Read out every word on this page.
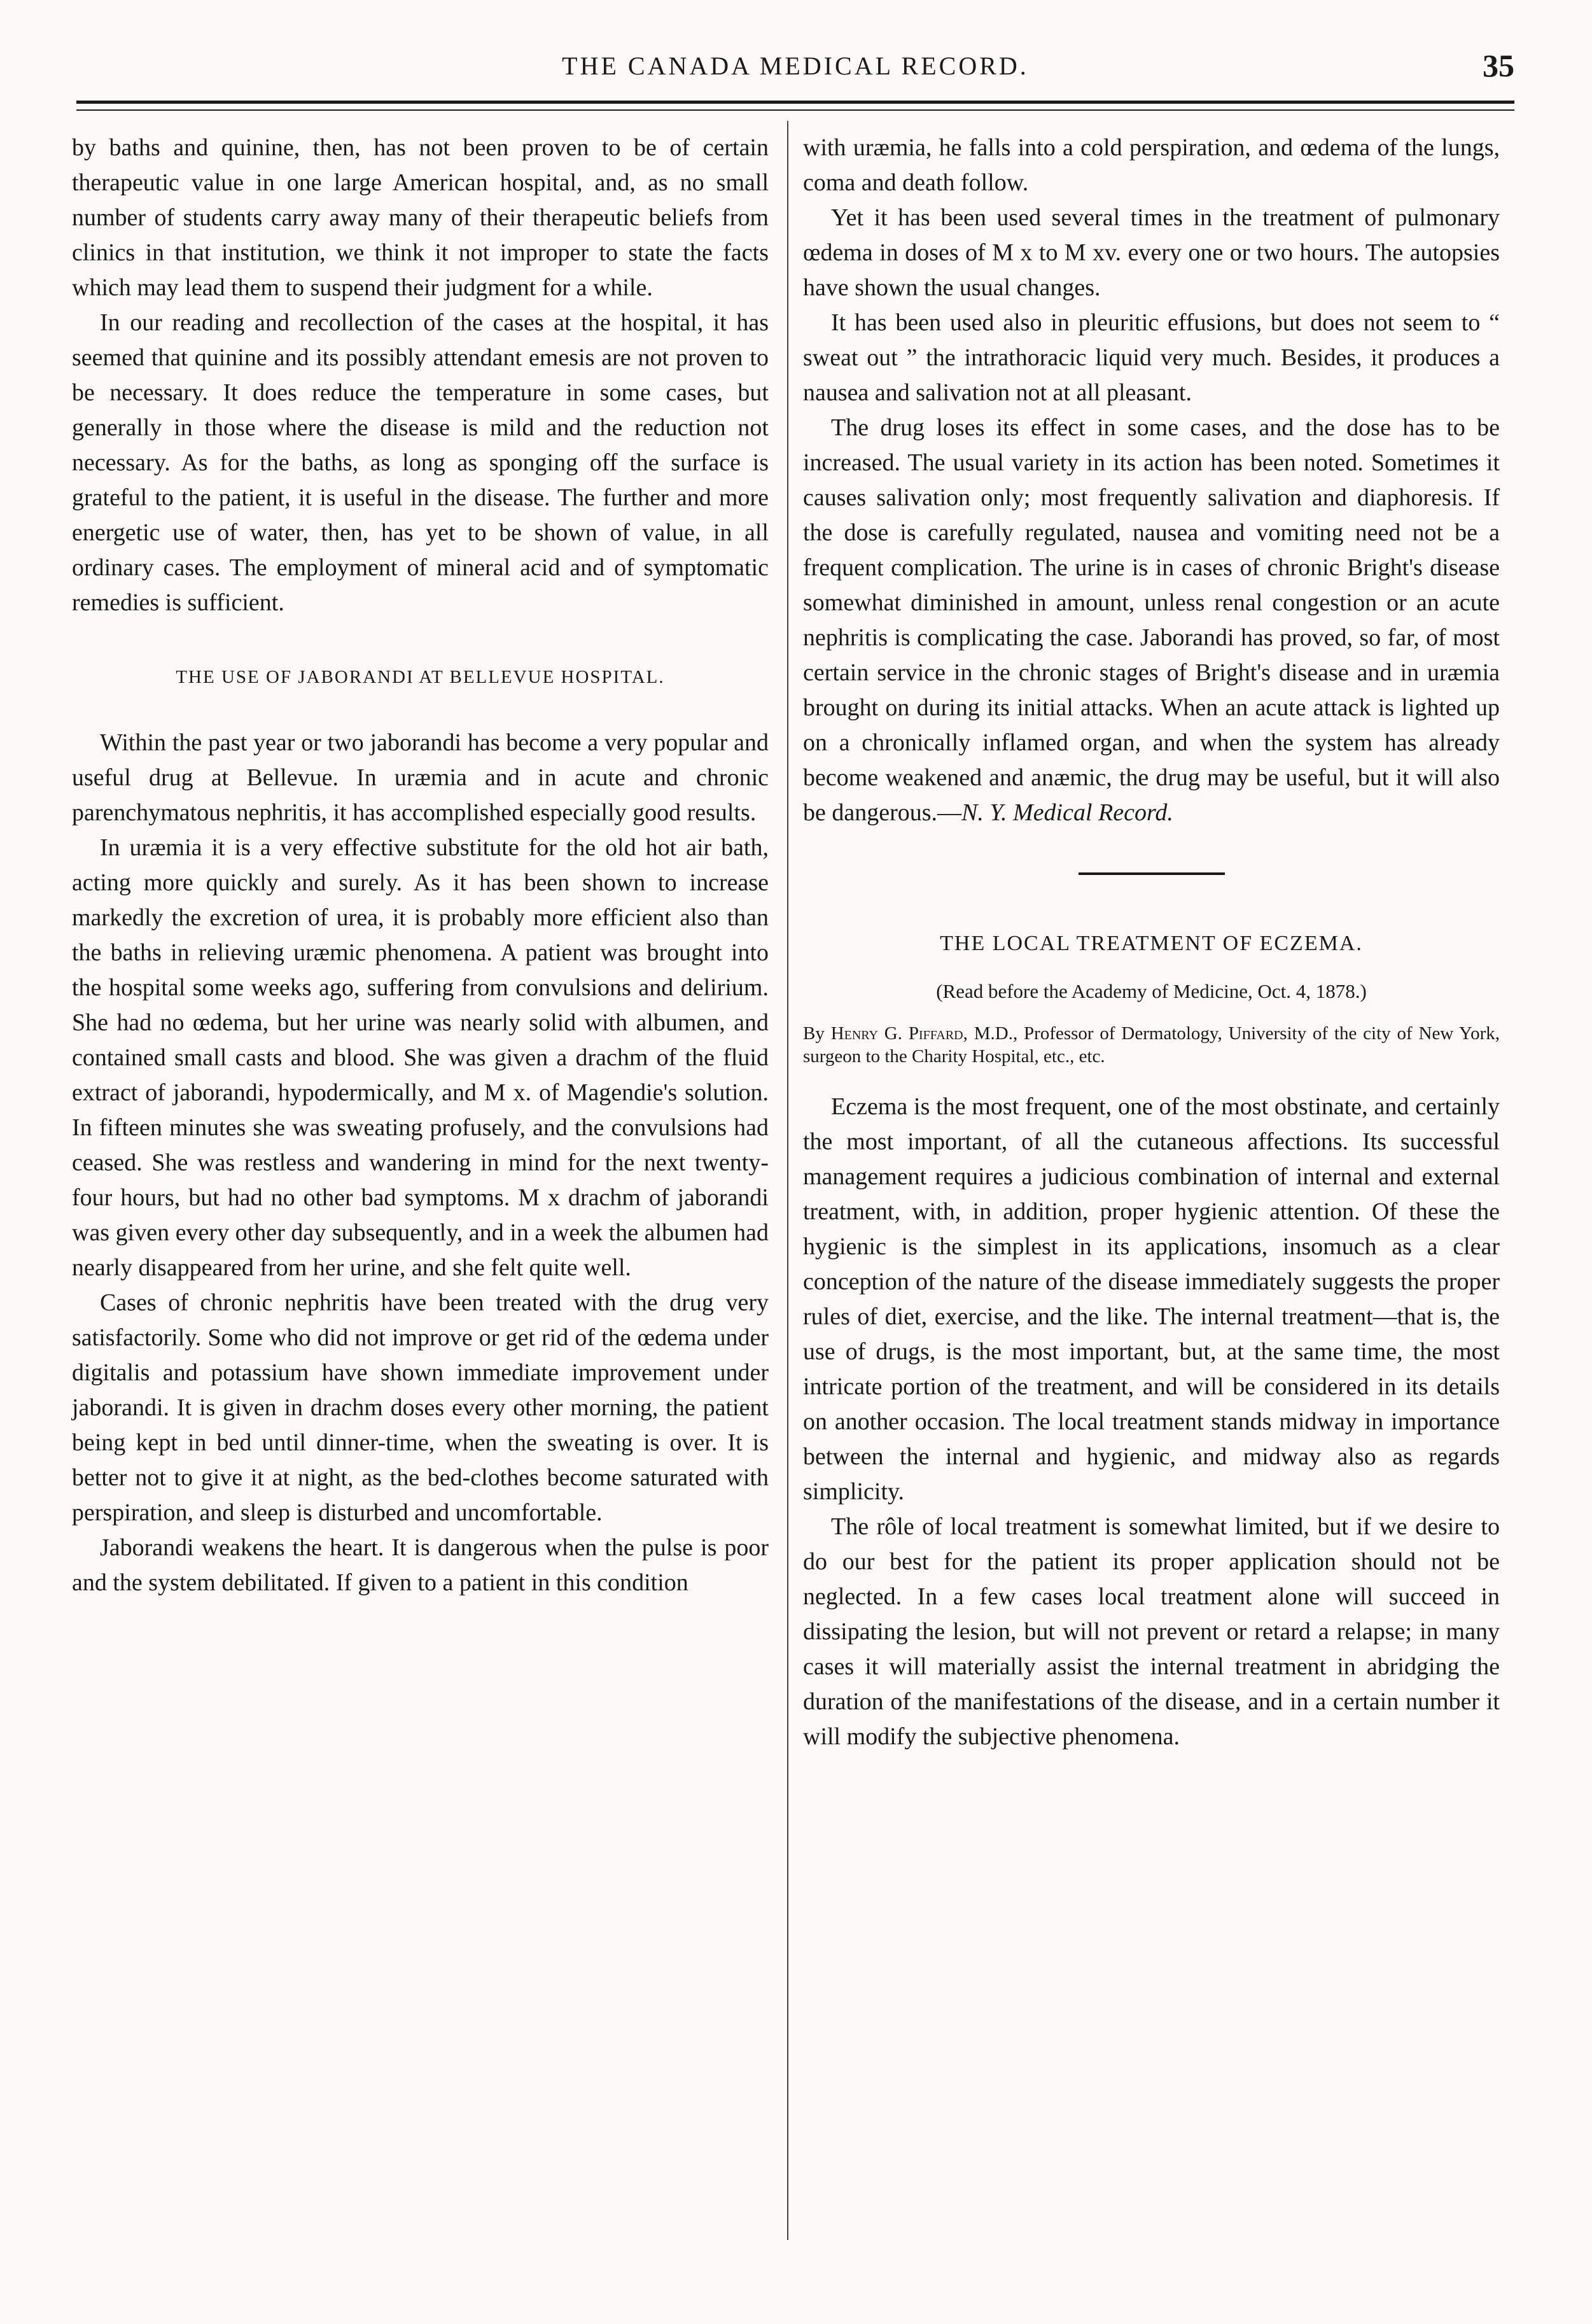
THE CANADA MEDICAL RECORD.	35

by baths and quinine, then, has not been proven to be of certain therapeutic value in one large American hospital, and, as no small number of students carry away many of their therapeutic beliefs from clinics in that institution, we think it not improper to state the facts which may lead them to suspend their judgment for a while.

In our reading and recollection of the cases at the hospital, it has seemed that quinine and its possibly attendant emesis are not proven to be necessary. It does reduce the temperature in some cases, but generally in those where the disease is mild and the reduction not necessary. As for the baths, as long as sponging off the surface is grateful to the patient, it is useful in the disease. The further and more energetic use of water, then, has yet to be shown of value, in all ordinary cases. The employment of mineral acid and of symptomatic remedies is sufficient.

THE USE OF JABORANDI AT BELLEVUE HOSPITAL.

Within the past year or two jaborandi has become a very popular and useful drug at Bellevue. In uræmia and in acute and chronic parenchymatous nephritis, it has accomplished especially good results.

In uræmia it is a very effective substitute for the old hot air bath, acting more quickly and surely. As it has been shown to increase markedly the excretion of urea, it is probably more efficient also than the baths in relieving uræmic phenomena. A patient was brought into the hospital some weeks ago, suffering from convulsions and delirium. She had no œdema, but her urine was nearly solid with albumen, and contained small casts and blood. She was given a drachm of the fluid extract of jaborandi, hypodermically, and M x. of Magendie's solution. In fifteen minutes she was sweating profusely, and the convulsions had ceased. She was restless and wandering in mind for the next twenty-four hours, but had no other bad symptoms. M x drachm of jaborandi was given every other day subsequently, and in a week the albumen had nearly disappeared from her urine, and she felt quite well.

Cases of chronic nephritis have been treated with the drug very satisfactorily. Some who did not improve or get rid of the œdema under digitalis and potassium have shown immediate improvement under jaborandi. It is given in drachm doses every other morning, the patient being kept in bed until dinner-time, when the sweating is over. It is better not to give it at night, as the bed-clothes become saturated with perspiration, and sleep is disturbed and uncomfortable.

Jaborandi weakens the heart. It is dangerous when the pulse is poor and the system debilitated. If given to a patient in this condition

with uræmia, he falls into a cold perspiration, and œdema of the lungs, coma and death follow.

Yet it has been used several times in the treatment of pulmonary œdema in doses of M x to M xv. every one or two hours. The autopsies have shown the usual changes.

It has been used also in pleuritic effusions, but does not seem to “ sweat out ” the intrathoracic liquid very much. Besides, it produces a nausea and salivation not at all pleasant.

The drug loses its effect in some cases, and the dose has to be increased. The usual variety in its action has been noted. Sometimes it causes salivation only; most frequently salivation and diaphoresis. If the dose is carefully regulated, nausea and vomiting need not be a frequent complication. The urine is in cases of chronic Bright's disease somewhat diminished in amount, unless renal congestion or an acute nephritis is complicating the case. Jaborandi has proved, so far, of most certain service in the chronic stages of Bright's disease and in uræmia brought on during its initial attacks. When an acute attack is lighted up on a chronically inflamed organ, and when the system has already become weakened and anæmic, the drug may be useful, but it will also be dangerous.—N. Y. Medical Record.

THE LOCAL TREATMENT OF ECZEMA.
(Read before the Academy of Medicine, Oct. 4, 1878.)
By Henry G. Piffard, M.D., Professor of Dermatology, University of the city of New York, surgeon to the Charity Hospital, etc., etc.

Eczema is the most frequent, one of the most obstinate, and certainly the most important, of all the cutaneous affections. Its successful management requires a judicious combination of internal and external treatment, with, in addition, proper hygienic attention. Of these the hygienic is the simplest in its applications, insomuch as a clear conception of the nature of the disease immediately suggests the proper rules of diet, exercise, and the like. The internal treatment—that is, the use of drugs, is the most important, but, at the same time, the most intricate portion of the treatment, and will be considered in its details on another occasion. The local treatment stands midway in importance between the internal and hygienic, and midway also as regards simplicity.

The rôle of local treatment is somewhat limited, but if we desire to do our best for the patient its proper application should not be neglected. In a few cases local treatment alone will succeed in dissipating the lesion, but will not prevent or retard a relapse; in many cases it will materially assist the internal treatment in abridging the duration of the manifestations of the disease, and in a certain number it will modify the subjective phenomena.
